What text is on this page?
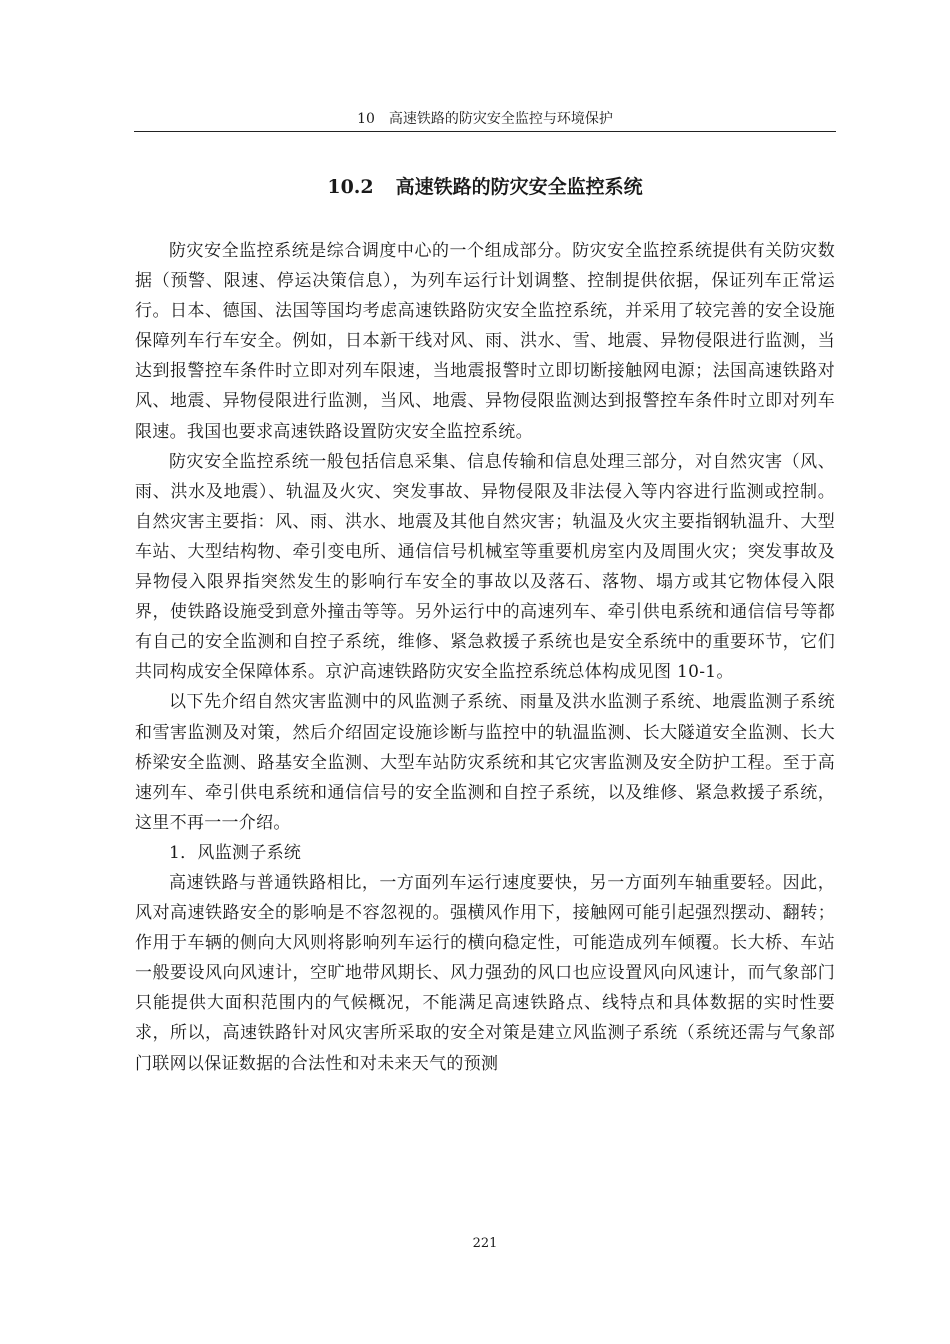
10　高速铁路的防灾安全监控与环境保护
10.2 高速铁路的防灾安全监控系统

防灾安全监控系统是综合调度中心的一个组成部分。防灾安全监控系统提供有关防灾数据（预警、限速、停运决策信息），为列车运行计划调整、控制提供依据，保证列车正常运行。日本、德国、法国等国均考虑高速铁路防灾安全监控系统，并采用了较完善的安全设施保障列车行车安全。例如，日本新干线对风、雨、洪水、雪、地震、异物侵限进行监测，当达到报警控车条件时立即对列车限速，当地震报警时立即切断接触网电源；法国高速铁路对风、地震、异物侵限进行监测，当风、地震、异物侵限监测达到报警控车条件时立即对列车限速。我国也要求高速铁路设置防灾安全监控系统。

防灾安全监控系统一般包括信息采集、信息传输和信息处理三部分，对自然灾害（风、雨、洪水及地震）、轨温及火灾、突发事故、异物侵限及非法侵入等内容进行监测或控制。自然灾害主要指：风、雨、洪水、地震及其他自然灾害；轨温及火灾主要指钢轨温升、大型车站、大型结构物、牵引变电所、通信信号机械室等重要机房室内及周围火灾；突发事故及异物侵入限界指突然发生的影响行车安全的事故以及落石、落物、塌方或其它物体侵入限界，使铁路设施受到意外撞击等等。另外运行中的高速列车、牵引供电系统和通信信号等都有自己的安全监测和自控子系统，维修、紧急救援子系统也是安全系统中的重要环节，它们共同构成安全保障体系。京沪高速铁路防灾安全监控系统总体构成见图 10-1。

以下先介绍自然灾害监测中的风监测子系统、雨量及洪水监测子系统、地震监测子系统和雪害监测及对策，然后介绍固定设施诊断与监控中的轨温监测、长大隧道安全监测、长大桥梁安全监测、路基安全监测、大型车站防灾系统和其它灾害监测及安全防护工程。至于高速列车、牵引供电系统和通信信号的安全监测和自控子系统，以及维修、紧急救援子系统，这里不再一一介绍。

1．风监测子系统

高速铁路与普通铁路相比，一方面列车运行速度要快，另一方面列车轴重要轻。因此，风对高速铁路安全的影响是不容忽视的。强横风作用下，接触网可能引起强烈摆动、翻转；作用于车辆的侧向大风则将影响列车运行的横向稳定性，可能造成列车倾覆。长大桥、车站一般要设风向风速计，空旷地带风期长、风力强劲的风口也应设置风向风速计，而气象部门只能提供大面积范围内的气候概况，不能满足高速铁路点、线特点和具体数据的实时性要求，所以，高速铁路针对风灾害所采取的安全对策是建立风监测子系统（系统还需与气象部门联网以保证数据的合法性和对未来天气的预测

221
